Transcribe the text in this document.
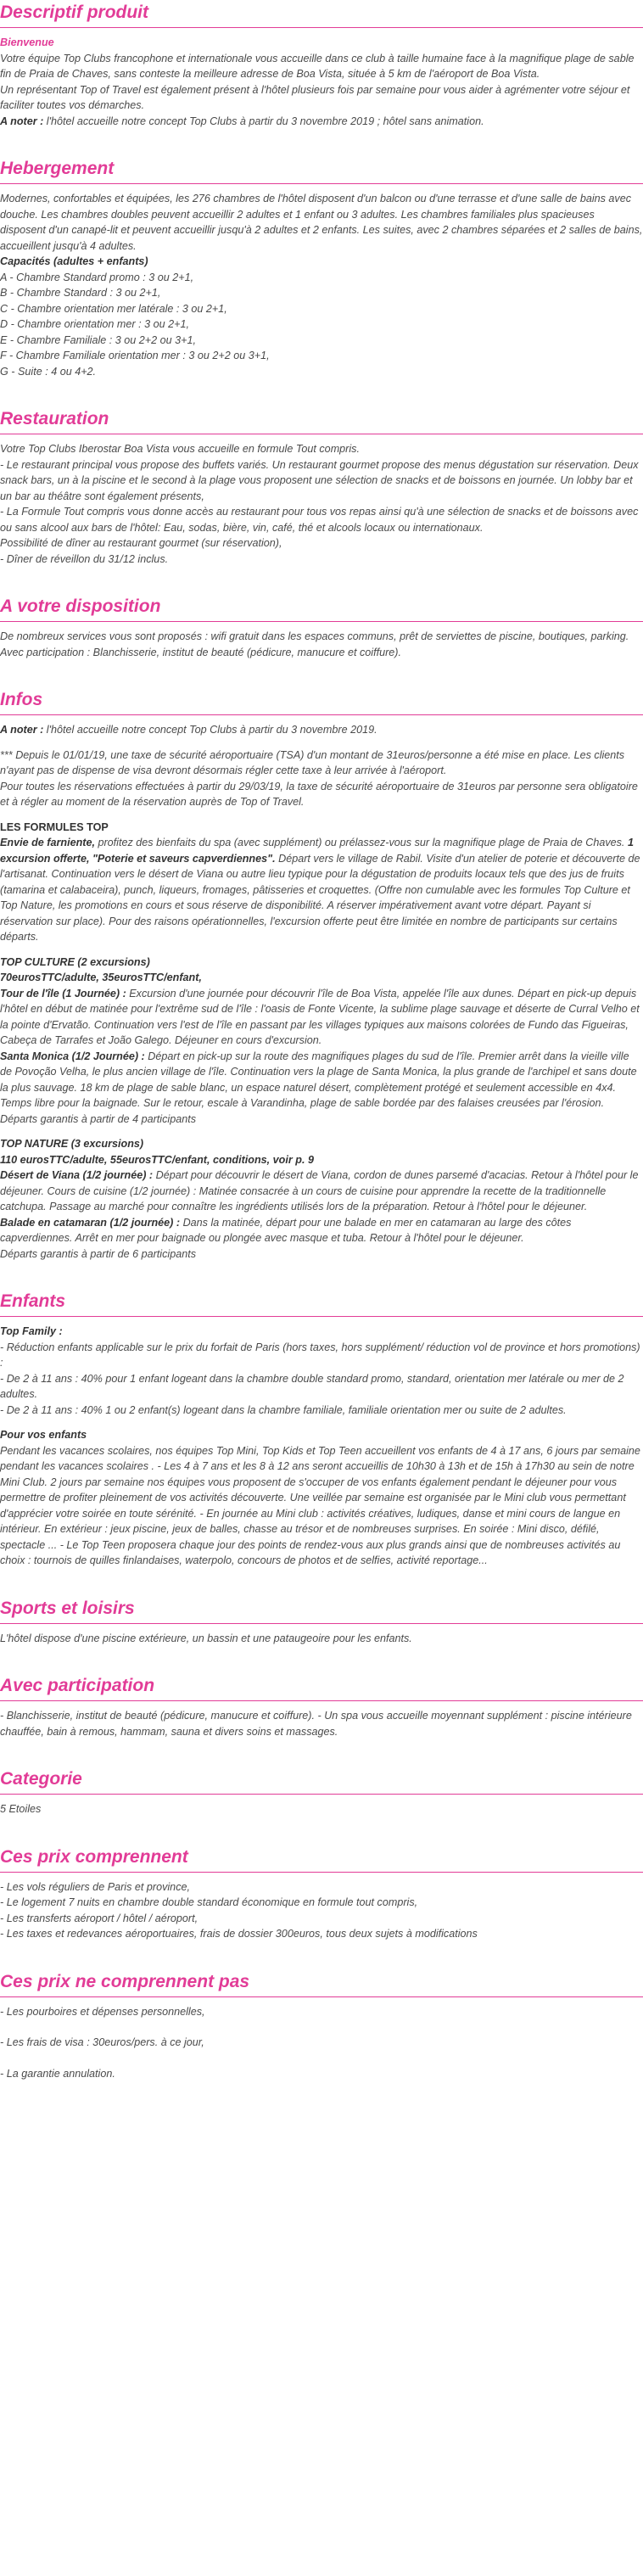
Descriptif produit

Bienvenue

Votre équipe Top Clubs francophone et internationale vous accueille dans ce club à taille humaine face à la magnifique plage de sable fin de Praia de Chaves, sans conteste la meilleure adresse de Boa Vista, située à 5 km de l'aéroport de Boa Vista.

Un représentant Top of Travel est également présent à l'hôtel plusieurs fois par semaine pour vous aider à agrémenter votre séjour et faciliter toutes vos démarches.

A noter : l'hôtel accueille notre concept Top Clubs à partir du 3 novembre 2019 ; hôtel sans animation.

Hebergement

Modernes, confortables et équipées, les 276 chambres de l'hôtel disposent d'un balcon ou d'une terrasse et d'une salle de bains avec douche. Les chambres doubles peuvent accueillir 2 adultes et 1 enfant ou 3 adultes. Les chambres familiales plus spacieuses disposent d'un canapé-lit et peuvent accueillir jusqu'à 2 adultes et 2 enfants. Les suites, avec 2 chambres séparées et 2 salles de bains, accueillent jusqu'à 4 adultes.

Capacités (adultes + enfants)

A - Chambre Standard promo : 3 ou 2+1,

B - Chambre Standard : 3 ou 2+1,

C - Chambre orientation mer latérale : 3 ou 2+1,

D - Chambre orientation mer : 3 ou 2+1,

E - Chambre Familiale : 3 ou 2+2 ou 3+1,

F - Chambre Familiale orientation mer : 3 ou 2+2 ou 3+1,

G - Suite : 4 ou 4+2.

Restauration

Votre Top Clubs Iberostar Boa Vista vous accueille en formule Tout compris.

- Le restaurant principal vous propose des buffets variés. Un restaurant gourmet propose des menus dégustation sur réservation. Deux snack bars, un à la piscine et le second à la plage vous proposent une sélection de snacks et de boissons en journée. Un lobby bar et un bar au théâtre sont également présents,

- La Formule Tout compris vous donne accès au restaurant pour tous vos repas ainsi qu'à une sélection de snacks et de boissons avec ou sans alcool aux bars de l'hôtel: Eau, sodas, bière, vin, café, thé et alcools locaux ou internationaux.

Possibilité de dîner au restaurant gourmet (sur réservation),

- Dîner de réveillon du 31/12 inclus.

A votre disposition

De nombreux services vous sont proposés : wifi gratuit dans les espaces communs, prêt de serviettes de piscine, boutiques, parking. Avec participation : Blanchisserie, institut de beauté (pédicure, manucure et coiffure).

Infos

A noter : l'hôtel accueille notre concept Top Clubs à partir du 3 novembre 2019.

*** Depuis le 01/01/19, une taxe de sécurité aéroportuaire (TSA) d'un montant de 31euros/personne a été mise en place. Les clients n'ayant pas de dispense de visa devront désormais régler cette taxe à leur arrivée à l'aéroport.

Pour toutes les réservations effectuées à partir du 29/03/19, la taxe de sécurité aéroportuaire de 31euros par personne sera obligatoire et à régler au moment de la réservation auprès de Top of Travel.

LES FORMULES TOP

Envie de farniente, profitez des bienfaits du spa (avec supplément) ou prélassez-vous sur la magnifique plage de Praia de Chaves. 1 excursion offerte, "Poterie et saveurs capverdiennes". Départ vers le village de Rabil. Visite d'un atelier de poterie et découverte de l'artisanat. Continuation vers le désert de Viana ou autre lieu typique pour la dégustation de produits locaux tels que des jus de fruits (tamarina et calabaceira), punch, liqueurs, fromages, pâtisseries et croquettes. (Offre non cumulable avec les formules Top Culture et Top Nature, les promotions en cours et sous réserve de disponibilité. A réserver impérativement avant votre départ. Payant si réservation sur place). Pour des raisons opérationnelles, l'excursion offerte peut être limitée en nombre de participants sur certains départs.

TOP CULTURE (2 excursions)

70eurosTTC/adulte, 35eurosTTC/enfant,

Tour de l'île (1 Journée) : Excursion d'une journée pour découvrir l'île de Boa Vista, appelée l'île aux dunes. Départ en pick-up depuis l'hôtel en début de matinée pour l'extrême sud de l'île : l'oasis de Fonte Vicente, la sublime plage sauvage et déserte de Curral Velho et la pointe d'Ervatão. Continuation vers l'est de l'île en passant par les villages typiques aux maisons colorées de Fundo das Figueiras, Cabeça de Tarrafes et João Galego. Déjeuner en cours d'excursion.

Santa Monica (1/2 Journée) : Départ en pick-up sur la route des magnifiques plages du sud de l'île. Premier arrêt dans la vieille ville de Povoção Velha, le plus ancien village de l'île. Continuation vers la plage de Santa Monica, la plus grande de l'archipel et sans doute la plus sauvage. 18 km de plage de sable blanc, un espace naturel désert, complètement protégé et seulement accessible en 4x4. Temps libre pour la baignade. Sur le retour, escale à Varandinha, plage de sable bordée par des falaises creusées par l'érosion.

Départs garantis à partir de 4 participants

TOP NATURE (3 excursions)

110 eurosTTC/adulte, 55eurosTTC/enfant, conditions, voir p. 9

Désert de Viana (1/2 journée) : Départ pour découvrir le désert de Viana, cordon de dunes parsemé d'acacias. Retour à l'hôtel pour le déjeuner. Cours de cuisine (1/2 journée) : Matinée consacrée à un cours de cuisine pour apprendre la recette de la traditionnelle catchupa. Passage au marché pour connaître les ingrédients utilisés lors de la préparation. Retour à l'hôtel pour le déjeuner.

Balade en catamaran (1/2 journée) : Dans la matinée, départ pour une balade en mer en catamaran au large des côtes capverdiennes. Arrêt en mer pour baignade ou plongée avec masque et tuba. Retour à l'hôtel pour le déjeuner.

Départs garantis à partir de 6 participants

Enfants

Top Family :

- Réduction enfants applicable sur le prix du forfait de Paris (hors taxes, hors supplément/ réduction vol de province et hors promotions) :

- De 2 à 11 ans : 40% pour 1 enfant logeant dans la chambre double standard promo, standard, orientation mer latérale ou mer de 2 adultes.

- De 2 à 11 ans : 40% 1 ou 2 enfant(s) logeant dans la chambre familiale, familiale orientation mer ou suite de 2 adultes.

Pour vos enfants

Pendant les vacances scolaires, nos équipes Top Mini, Top Kids et Top Teen accueillent vos enfants de 4 à 17 ans, 6 jours par semaine pendant les vacances scolaires . - Les 4 à 7 ans et les 8 à 12 ans seront accueillis de 10h30 à 13h et de 15h à 17h30 au sein de notre Mini Club. 2 jours par semaine nos équipes vous proposent de s'occuper de vos enfants également pendant le déjeuner pour vous permettre de profiter pleinement de vos activités découverte. Une veillée par semaine est organisée par le Mini club vous permettant d'apprécier votre soirée en toute sérénité. - En journée au Mini club : activités créatives, ludiques, danse et mini cours de langue en intérieur. En extérieur : jeux piscine, jeux de balles, chasse au trésor et de nombreuses surprises. En soirée : Mini disco, défilé, spectacle ... - Le Top Teen proposera chaque jour des points de rendez-vous aux plus grands ainsi que de nombreuses activités au choix : tournois de quilles finlandaises, waterpolo, concours de photos et de selfies, activité reportage...

Sports et loisirs

L'hôtel dispose d'une piscine extérieure, un bassin et une pataugeoire pour les enfants.

Avec participation

- Blanchisserie, institut de beauté (pédicure, manucure et coiffure). - Un spa vous accueille moyennant supplément : piscine intérieure chauffée, bain à remous, hammam, sauna et divers soins et massages.

Categorie

5 Etoiles

Ces prix comprennent

- Les vols réguliers de Paris et province,

- Le logement 7 nuits en chambre double standard économique en formule tout compris,

- Les transferts aéroport / hôtel / aéroport,

- Les taxes et redevances aéroportuaires, frais de dossier 300euros, tous deux sujets à modifications

Ces prix ne comprennent pas

- Les pourboires et dépenses personnelles,

- Les frais de visa : 30euros/pers. à ce jour,

- La garantie annulation.
